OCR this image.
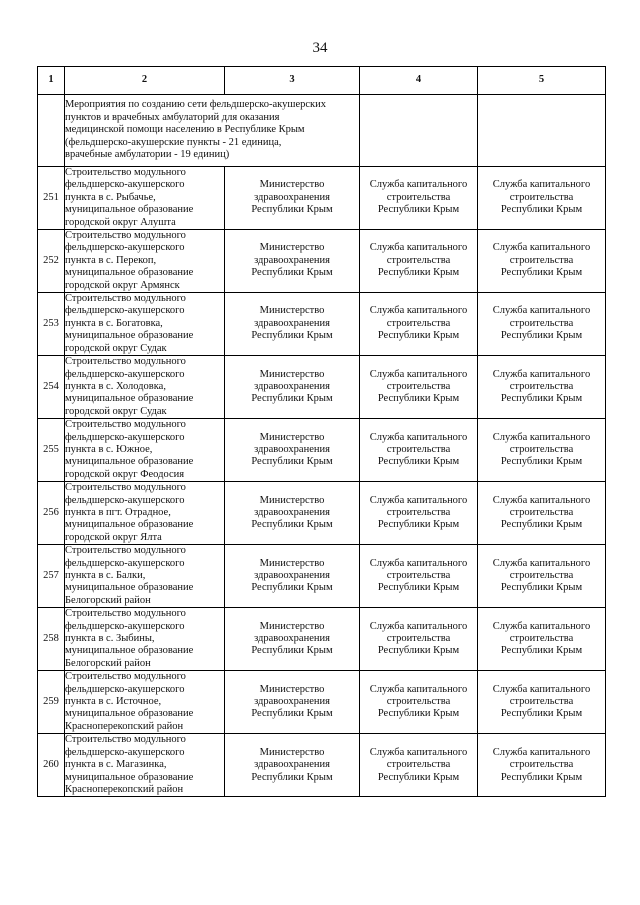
34
1	2	3	4	5

	Мероприятия по созданию сети фельдшерско-акушерских
пунктов и врачебных амбулаторий для оказания
медицинской помощи населению в Республике Крым
(фельдшерско-акушерские пункты - 21 единица,
врачебные амбулатории - 19 единиц)			

251	Строительство модульного
фельдшерско-акушерского
пункта в с. Рыбачье,
муниципальное образование
городской округ Алушта	Министерство
здравоохранения
Республики Крым	Служба капитального
строительства
Республики Крым	Служба капитального
строительства
Республики Крым

252	Строительство модульного
фельдшерско-акушерского
пункта в с. Перекоп,
муниципальное образование
городской округ Армянск	Министерство
здравоохранения
Республики Крым	Служба капитального
строительства
Республики Крым	Служба капитального
строительства
Республики Крым

253	Строительство модульного
фельдшерско-акушерского
пункта в с. Богатовка,
муниципальное образование
городской округ Судак	Министерство
здравоохранения
Республики Крым	Служба капитального
строительства
Республики Крым	Служба капитального
строительства
Республики Крым

254	Строительство модульного
фельдшерско-акушерского
пункта в с. Холодовка,
муниципальное образование
городской округ Судак	Министерство
здравоохранения
Республики Крым	Служба капитального
строительства
Республики Крым	Служба капитального
строительства
Республики Крым

255	Строительство модульного
фельдшерско-акушерского
пункта в с. Южное,
муниципальное образование
городской округ Феодосия	Министерство
здравоохранения
Республики Крым	Служба капитального
строительства
Республики Крым	Служба капитального
строительства
Республики Крым

256	Строительство модульного
фельдшерско-акушерского
пункта в пгт. Отрадное,
муниципальное образование
городской округ Ялта	Министерство
здравоохранения
Республики Крым	Служба капитального
строительства
Республики Крым	Служба капитального
строительства
Республики Крым

257	Строительство модульного
фельдшерско-акушерского
пункта в с. Балки,
муниципальное образование
Белогорский район	Министерство
здравоохранения
Республики Крым	Служба капитального
строительства
Республики Крым	Служба капитального
строительства
Республики Крым

258	Строительство модульного
фельдшерско-акушерского
пункта в с. Зыбины,
муниципальное образование
Белогорский район	Министерство
здравоохранения
Республики Крым	Служба капитального
строительства
Республики Крым	Служба капитального
строительства
Республики Крым

259	Строительство модульного
фельдшерско-акушерского
пункта в с. Источное,
муниципальное образование
Красноперекопский район	Министерство
здравоохранения
Республики Крым	Служба капитального
строительства
Республики Крым	Служба капитального
строительства
Республики Крым

260	Строительство модульного
фельдшерско-акушерского
пункта в с. Магазинка,
муниципальное образование
Красноперекопский район	Министерство
здравоохранения
Республики Крым	Служба капитального
строительства
Республики Крым	Служба капитального
строительства
Республики Крым
